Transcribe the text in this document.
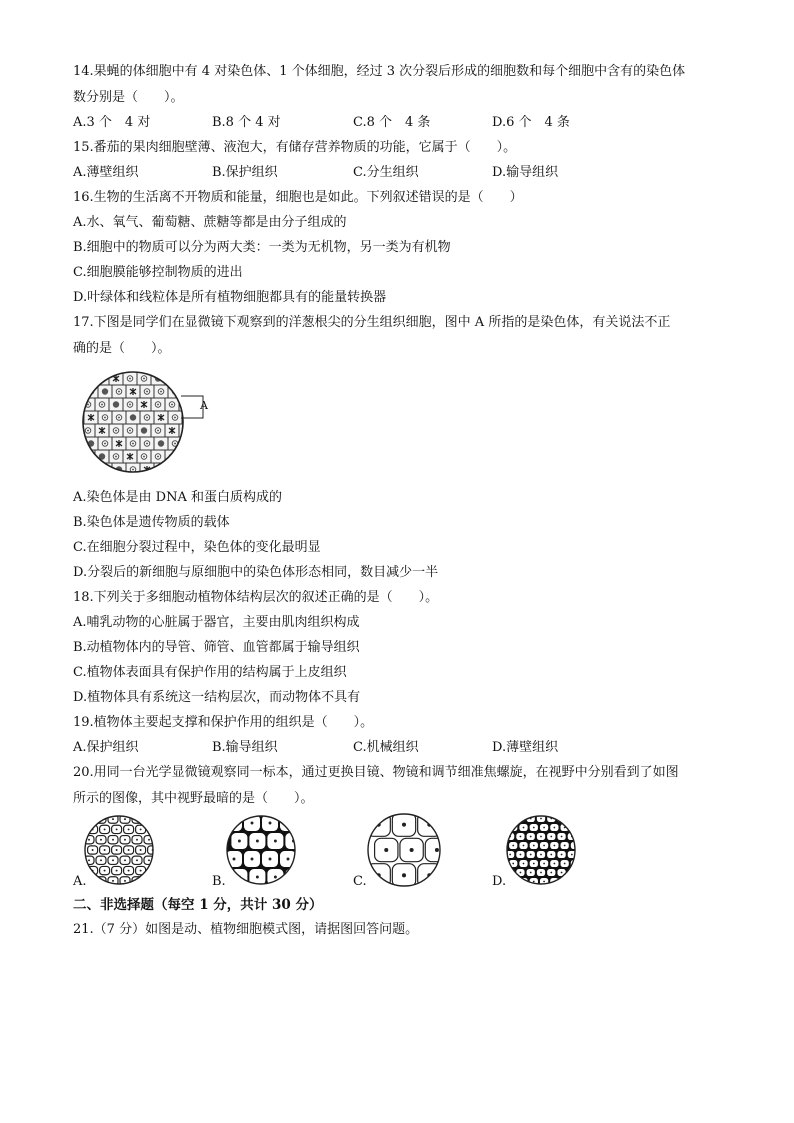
14.果蝇的体细胞中有 4 对染色体、1 个体细胞，经过 3 次分裂后形成的细胞数和每个细胞中含有的染色体
数分别是（　　）。
A.3 个　4 对	B.8 个 4 对	C.8 个　4 条	D.6 个　4 条
15.番茄的果肉细胞壁薄、液泡大，有储存营养物质的功能，它属于（　　）。
A.薄壁组织	B.保护组织	C.分生组织	D.输导组织
16.生物的生活离不开物质和能量，细胞也是如此。下列叙述错误的是（　　）
A.水、氧气、葡萄糖、蔗糖等都是由分子组成的
B.细胞中的物质可以分为两大类：一类为无机物，另一类为有机物
C.细胞膜能够控制物质的进出
D.叶绿体和线粒体是所有植物细胞都具有的能量转换器
17.下图是同学们在显微镜下观察到的洋葱根尖的分生组织细胞，图中 A 所指的是染色体，有关说法不正
确的是（　　）。
A
A.染色体是由 DNA 和蛋白质构成的
B.染色体是遗传物质的载体
C.在细胞分裂过程中，染色体的变化最明显
D.分裂后的新细胞与原细胞中的染色体形态相同，数目减少一半
18.下列关于多细胞动植物体结构层次的叙述正确的是（　　）。
A.哺乳动物的心脏属于器官，主要由肌肉组织构成
B.动植物体内的导管、筛管、血管都属于输导组织
C.植物体表面具有保护作用的结构属于上皮组织
D.植物体具有系统这一结构层次，而动物体不具有
19.植物体主要起支撑和保护作用的组织是（　　）。
A.保护组织	B.输导组织	C.机械组织	D.薄壁组织
20.用同一台光学显微镜观察同一标本，通过更换目镜、物镜和调节细准焦螺旋，在视野中分别看到了如图
所示的图像，其中视野最暗的是（　　）。
A.	B.	C.	D.
二、非选择题（每空 1 分，共计 30 分）
21.（7 分）如图是动、植物细胞模式图，请据图回答问题。
